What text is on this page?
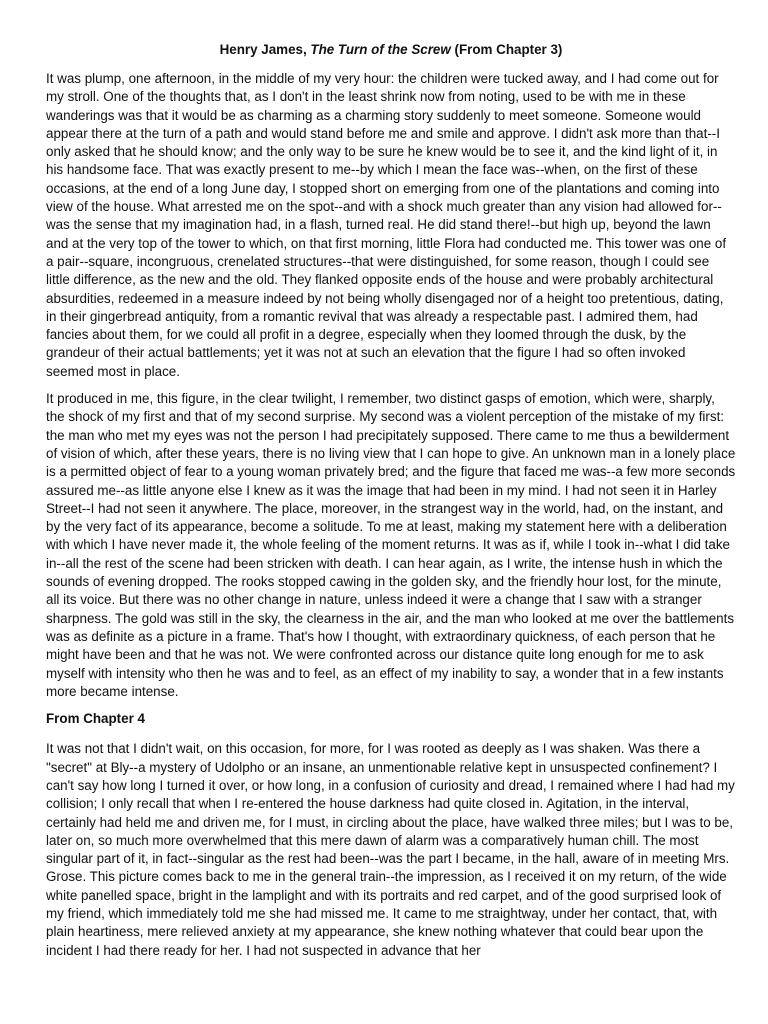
Henry James, The Turn of the Screw (From Chapter 3)

It was plump, one afternoon, in the middle of my very hour: the children were tucked away, and I had come out for my stroll. One of the thoughts that, as I don't in the least shrink now from noting, used to be with me in these wanderings was that it would be as charming as a charming story suddenly to meet someone. Someone would appear there at the turn of a path and would stand before me and smile and approve. I didn't ask more than that--I only asked that he should know; and the only way to be sure he knew would be to see it, and the kind light of it, in his handsome face. That was exactly present to me--by which I mean the face was--when, on the first of these occasions, at the end of a long June day, I stopped short on emerging from one of the plantations and coming into view of the house. What arrested me on the spot--and with a shock much greater than any vision had allowed for--was the sense that my imagination had, in a flash, turned real. He did stand there!--but high up, beyond the lawn and at the very top of the tower to which, on that first morning, little Flora had conducted me. This tower was one of a pair--square, incongruous, crenelated structures--that were distinguished, for some reason, though I could see little difference, as the new and the old. They flanked opposite ends of the house and were probably architectural absurdities, redeemed in a measure indeed by not being wholly disengaged nor of a height too pretentious, dating, in their gingerbread antiquity, from a romantic revival that was already a respectable past. I admired them, had fancies about them, for we could all profit in a degree, especially when they loomed through the dusk, by the grandeur of their actual battlements; yet it was not at such an elevation that the figure I had so often invoked seemed most in place.

It produced in me, this figure, in the clear twilight, I remember, two distinct gasps of emotion, which were, sharply, the shock of my first and that of my second surprise. My second was a violent perception of the mistake of my first: the man who met my eyes was not the person I had precipitately supposed. There came to me thus a bewilderment of vision of which, after these years, there is no living view that I can hope to give. An unknown man in a lonely place is a permitted object of fear to a young woman privately bred; and the figure that faced me was--a few more seconds assured me--as little anyone else I knew as it was the image that had been in my mind. I had not seen it in Harley Street--I had not seen it anywhere. The place, moreover, in the strangest way in the world, had, on the instant, and by the very fact of its appearance, become a solitude. To me at least, making my statement here with a deliberation with which I have never made it, the whole feeling of the moment returns. It was as if, while I took in--what I did take in--all the rest of the scene had been stricken with death. I can hear again, as I write, the intense hush in which the sounds of evening dropped. The rooks stopped cawing in the golden sky, and the friendly hour lost, for the minute, all its voice. But there was no other change in nature, unless indeed it were a change that I saw with a stranger sharpness. The gold was still in the sky, the clearness in the air, and the man who looked at me over the battlements was as definite as a picture in a frame. That's how I thought, with extraordinary quickness, of each person that he might have been and that he was not. We were confronted across our distance quite long enough for me to ask myself with intensity who then he was and to feel, as an effect of my inability to say, a wonder that in a few instants more became intense.

From Chapter 4

It was not that I didn't wait, on this occasion, for more, for I was rooted as deeply as I was shaken. Was there a "secret" at Bly--a mystery of Udolpho or an insane, an unmentionable relative kept in unsuspected confinement? I can't say how long I turned it over, or how long, in a confusion of curiosity and dread, I remained where I had had my collision; I only recall that when I re-entered the house darkness had quite closed in. Agitation, in the interval, certainly had held me and driven me, for I must, in circling about the place, have walked three miles; but I was to be, later on, so much more overwhelmed that this mere dawn of alarm was a comparatively human chill. The most singular part of it, in fact--singular as the rest had been--was the part I became, in the hall, aware of in meeting Mrs. Grose. This picture comes back to me in the general train--the impression, as I received it on my return, of the wide white panelled space, bright in the lamplight and with its portraits and red carpet, and of the good surprised look of my friend, which immediately told me she had missed me. It came to me straightway, under her contact, that, with plain heartiness, mere relieved anxiety at my appearance, she knew nothing whatever that could bear upon the incident I had there ready for her. I had not suspected in advance that her
